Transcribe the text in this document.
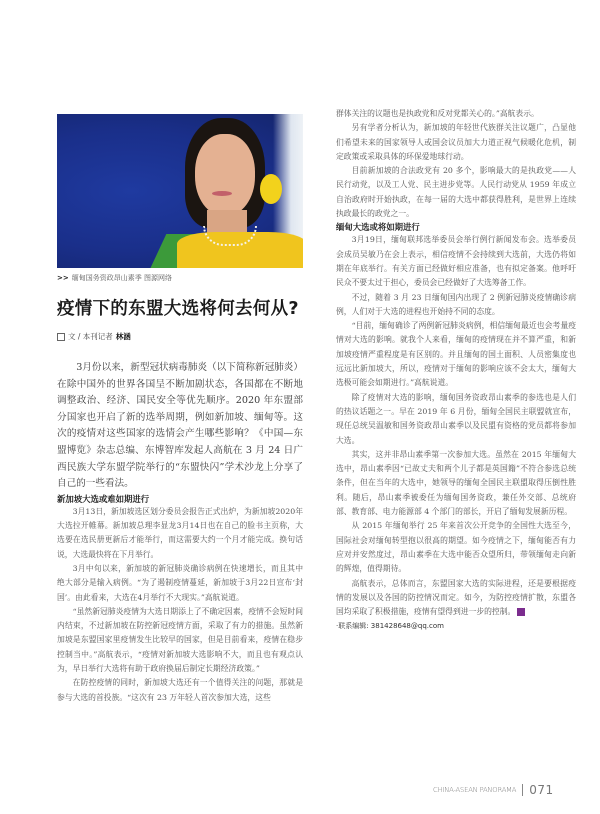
>> 缅甸国务资政昂山素季 图源网络
疫情下的东盟大选将何去何从?
文 / 本刊记者 林涵
3月份以来，新型冠状病毒肺炎（以下简称新冠肺炎）在除中国外的世界各国呈不断加剧状态，各国都在不断地调整政治、经济、国民安全等优先顺序。2020 年东盟部分国家也开启了新的选举周期，例如新加坡、缅甸等。这次的疫情对这些国家的选情会产生哪些影响？《中国—东盟博览》杂志总编、东博智库发起人高航在 3 月 24 日广西民族大学东盟学院举行的“东盟快闪”学术沙龙上分享了自己的一些看法。
新加坡大选或难如期进行

3月13日，新加坡选区划分委员会报告正式出炉，为新加坡2020年大选拉开帷幕。新加坡总理李显龙3月14日也在自己的脸书主页称，大选要在选民册更新后才能举行，而这需要大约一个月才能完成。换句话说，大选最快将在下月举行。

3月中旬以来，新加坡的新冠肺炎确诊病例在快速增长，而且其中绝大部分是输入病例。“为了遏制疫情蔓延，新加坡于3月22日宣布‘封国’。由此看来，大选在4月举行不大现实。”高航说道。

“虽然新冠肺炎疫情为大选日期添上了不确定因素，疫情不会短时间内结束，不过新加坡在防控新冠疫情方面，采取了有力的措施。虽然新加坡是东盟国家里疫情发生比较早的国家，但是目前看来，疫情在稳步控制当中。”高航表示，“疫情对新加坡大选影响不大，而且也有观点认为，早日举行大选将有助于政府换届后制定长期经济政策。”

在防控疫情的同时，新加坡大选还有一个值得关注的问题，那就是参与大选的首投族。“这次有 23 万年轻人首次参加大选，这些

群体关注的议题也是执政党和反对党都关心的。”高航表示。

另有学者分析认为，新加坡的年轻世代族群关注议题广，凸显他们希望未来的国家领导人或国会议员加大力道正视气候暖化危机，制定政策或采取具体的环保爱地球行动。

目前新加坡的合法政党有 20 多个，影响最大的是执政党——人民行动党，以及工人党、民主进步党等。人民行动党从 1959 年成立自治政府时开始执政，在每一届的大选中都获得胜利，是世界上连续执政最长的政党之一。

缅甸大选或将如期进行

3月19日，缅甸联邦选举委员会举行例行新闻发布会。选举委员会成员吴敏乃在会上表示，相信疫情不会持续到大选前，大选仍将如期在年底举行。有关方面已经做好相应准备，也有拟定备案。他呼吁民众不要太过于担心，委员会已经做好了大选筹备工作。

不过，随着 3 月 23 日缅甸国内出现了 2 例新冠肺炎疫情确诊病例，人们对于大选的进程也开始持不同的态度。

“目前，缅甸确诊了两例新冠肺炎病例，相信缅甸最近也会考量疫情对大选的影响。就我个人来看，缅甸的疫情现在并不算严重，和新加坡疫情严重程度是有区别的。并且缅甸的国土面积、人员密集度也远远比新加坡大，所以，疫情对于缅甸的影响应该不会太大，缅甸大选极可能会如期进行。”高航说道。

除了疫情对大选的影响，缅甸国务资政昂山素季的参选也是人们的热议话题之一。早在 2019 年 6 月份，缅甸全国民主联盟就宣布，现任总统吴温敏和国务资政昂山素季以及民盟有资格的党员都将参加大选。

其实，这并非昂山素季第一次参加大选。虽然在 2015 年缅甸大选中，昂山素季因“已故丈夫和两个儿子都是英国籍”不符合参选总统条件，但在当年的大选中，她领导的缅甸全国民主联盟取得压倒性胜利。随后，昂山素季被委任为缅甸国务资政，兼任外交部、总统府部、教育部、电力能源部 4 个部门的部长，开启了缅甸发展新历程。

从 2015 年缅甸举行 25 年来首次公开竞争的全国性大选至今，国际社会对缅甸转型抱以很高的期望。如今疫情之下，缅甸能否有力应对并安然度过，昂山素季在大选中能否众望所归，带领缅甸走向新的辉煌，值得期待。

高航表示，总体而言，东盟国家大选的实际进程，还是要根据疫情的发展以及各国的防控情况而定。如今，为防控疫情扩散，东盟各国均采取了积极措施，疫情有望得到进一步的控制。	✎

·联系编辑: 381428648@qq.com
CHINA-ASEAN PANORAMA 071
